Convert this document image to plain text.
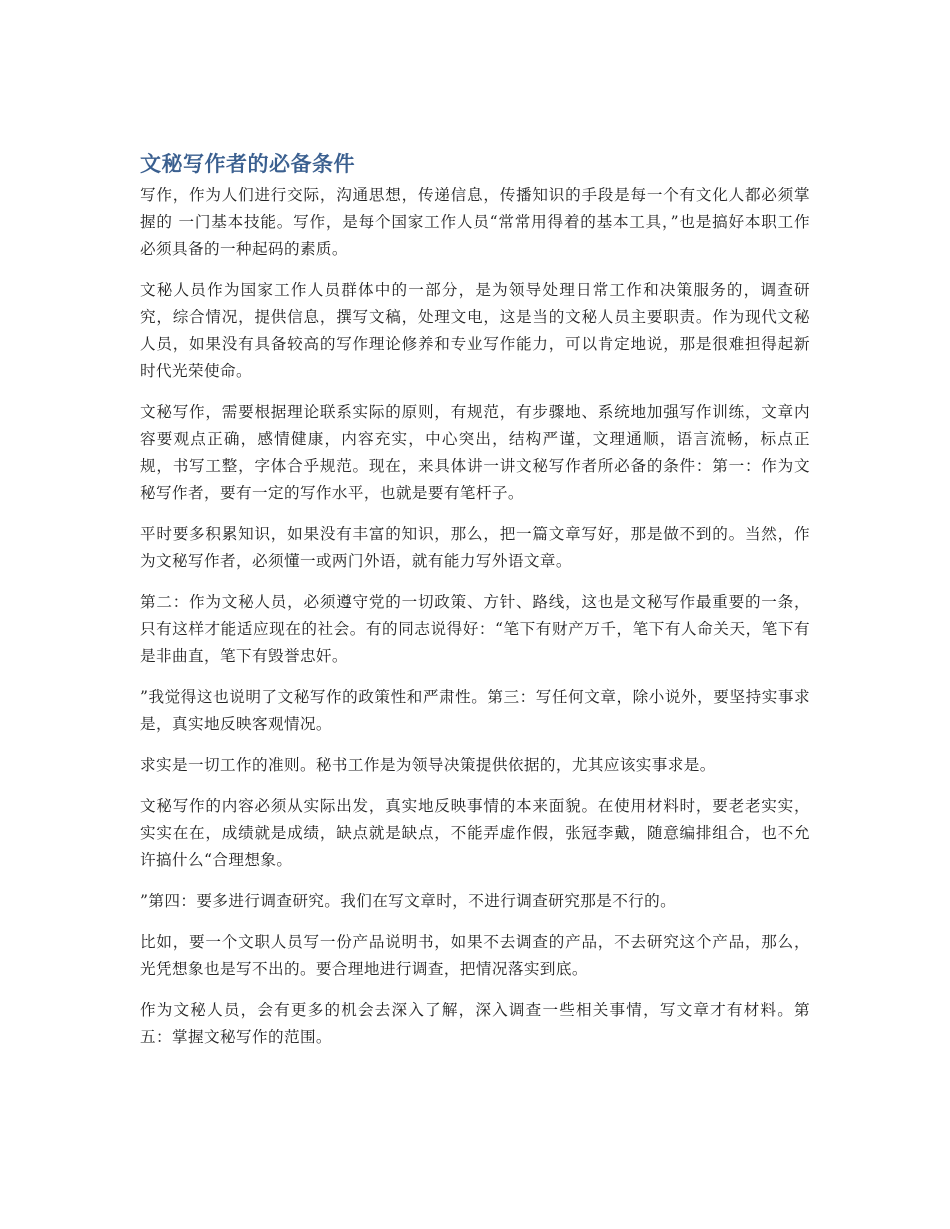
文秘写作者的必备条件

写作，作为人们进行交际，沟通思想，传递信息，传播知识的手段是每一个有文化人都必须掌握的 一门基本技能。写作，是每个国家工作人员“常常用得着的基本工具，”也是搞好本职工作必须具备的一种起码的素质。

文秘人员作为国家工作人员群体中的一部分，是为领导处理日常工作和决策服务的，调查研究，综合情况，提供信息，撰写文稿，处理文电，这是当的文秘人员主要职责。作为现代文秘人员，如果没有具备较高的写作理论修养和专业写作能力，可以肯定地说，那是很难担得起新时代光荣使命。

文秘写作，需要根据理论联系实际的原则，有规范，有步骤地、系统地加强写作训练，文章内容要观点正确，感情健康，内容充实，中心突出，结构严谨，文理通顺，语言流畅，标点正规，书写工整，字体合乎规范。现在，来具体讲一讲文秘写作者所必备的条件：第一：作为文秘写作者，要有一定的写作水平，也就是要有笔杆子。

平时要多积累知识，如果没有丰富的知识，那么，把一篇文章写好，那是做不到的。当然，作为文秘写作者，必须懂一或两门外语，就有能力写外语文章。

第二：作为文秘人员，必须遵守党的一切政策、方针、路线，这也是文秘写作最重要的一条，只有这样才能适应现在的社会。有的同志说得好：“笔下有财产万千，笔下有人命关天，笔下有是非曲直，笔下有毁誉忠奸。

”我觉得这也说明了文秘写作的政策性和严肃性。第三：写任何文章，除小说外，要坚持实事求是，真实地反映客观情况。

求实是一切工作的准则。秘书工作是为领导决策提供依据的，尤其应该实事求是。

文秘写作的内容必须从实际出发，真实地反映事情的本来面貌。在使用材料时，要老老实实，实实在在，成绩就是成绩，缺点就是缺点，不能弄虚作假，张冠李戴，随意编排组合，也不允许搞什么“合理想象。

”第四：要多进行调查研究。我们在写文章时，不进行调查研究那是不行的。

比如，要一个文职人员写一份产品说明书，如果不去调查的产品，不去研究这个产品，那么，光凭想象也是写不出的。要合理地进行调查，把情况落实到底。

作为文秘人员，会有更多的机会去深入了解，深入调查一些相关事情，写文章才有材料。第五：掌握文秘写作的范围。
